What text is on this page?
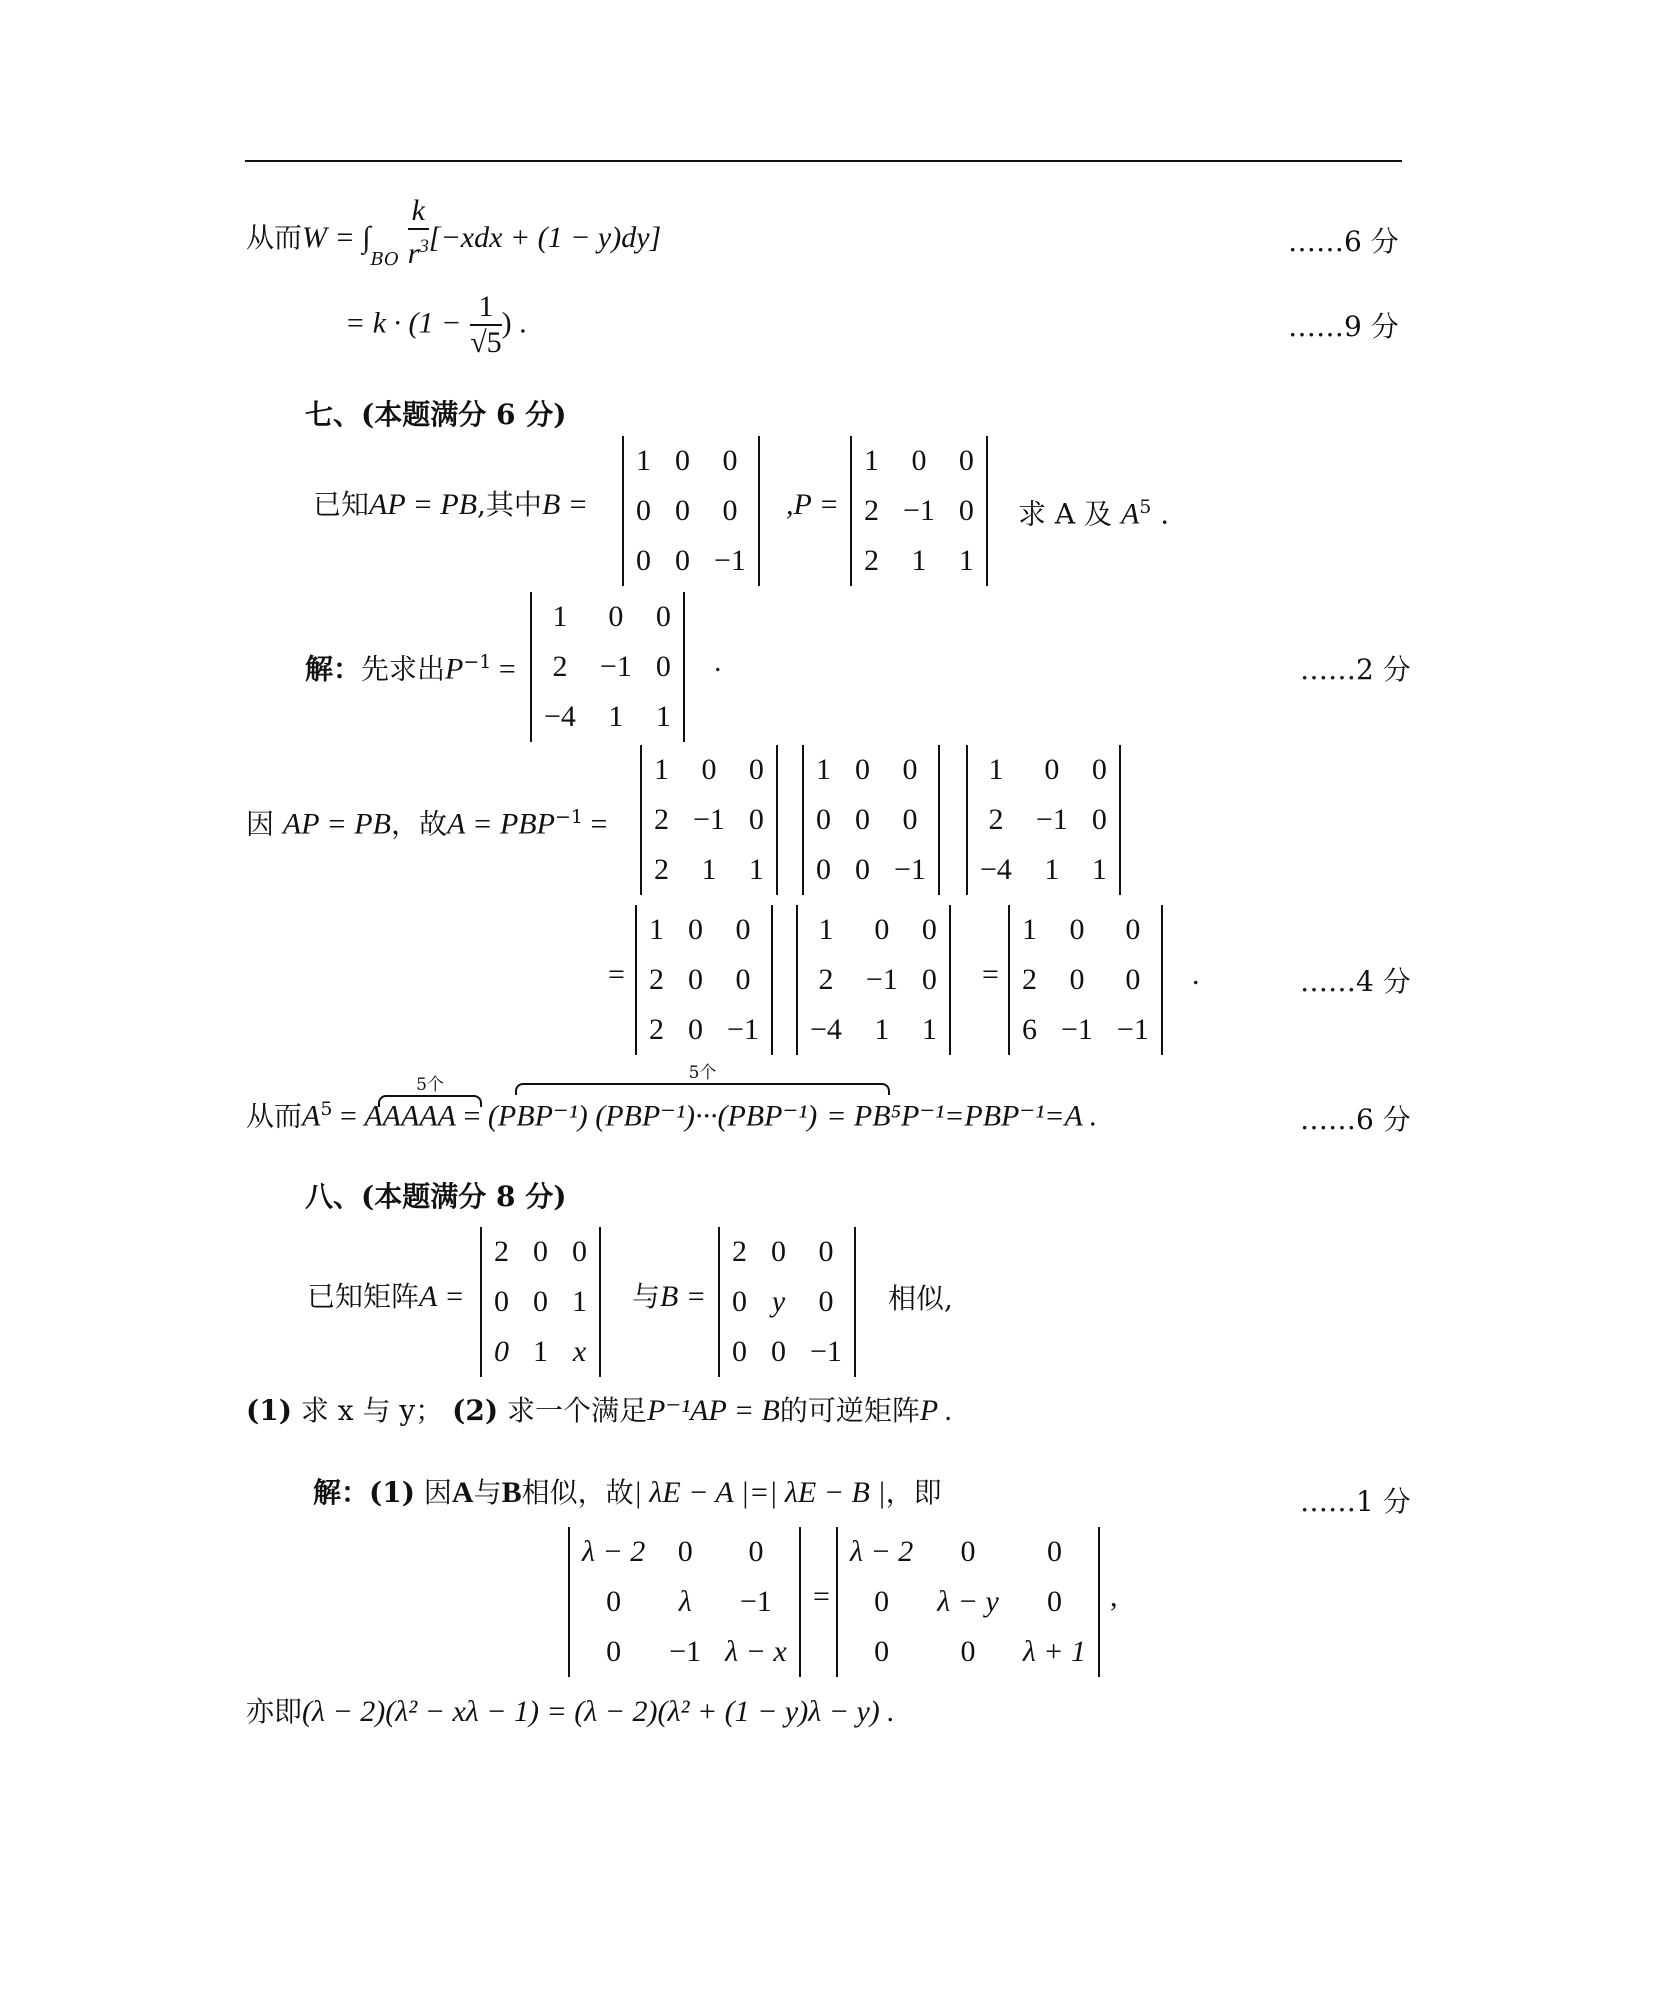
从而$W = \int_{BO} \frac{k}{r^3} [-xdx + (1 - y)dy]$	……6 分
= $k \cdot (1 - \frac{1}{√5}$ ) .	……9 分
七、(本题满分 6 分)
已知AP = PB,其中B =
1	0	0
0	0	0
0	0	−1
,P =
1	0	0
2	−1	0
2	1	1
求 A 及 $A^5$ .
解：先求出$P^{-1}$ =
1	0	0
2	−1	0
−4	1	1
.	……2 分
因 AP = PB，故$A = PBP^{-1}$ =
1	0	0
2	−1	0
2	1	1
1	0	0
0	0	0
0	0	−1
1	0	0
2	−1	0
−4	1	1
=
1	0	0
2	0	0
2	0	−1
1	0	0
2	−1	0
−4	1	1
=
1	0	0
2	0	0
6	−1	−1
.	……4 分
5个
5个
从而$A^5$ = AAAAA = (PBP⁻¹) (PBP⁻¹)···(PBP⁻¹) = PB⁵P⁻¹=PBP⁻¹=A .	……6 分
八、(本题满分 8 分)
已知矩阵A =
2	0	0
0	0	1
0	1	x
与B =
2	0	0
0	y	0
0	0	−1
相似,
(1) 求 x 与 y； (2) 求一个满足P⁻¹AP = B的可逆矩阵P .
解：(1) 因A与B相似，故| λE − A |=| λE − B |，即	……1 分
λ − 2	0	0
0	λ	−1
0	−1	λ − x
=
λ − 2	0	0
0	λ − y	0
0	0	λ + 1
,
亦即(λ − 2)(λ² − xλ − 1) = (λ − 2)(λ² + (1 − y)λ − y) .
